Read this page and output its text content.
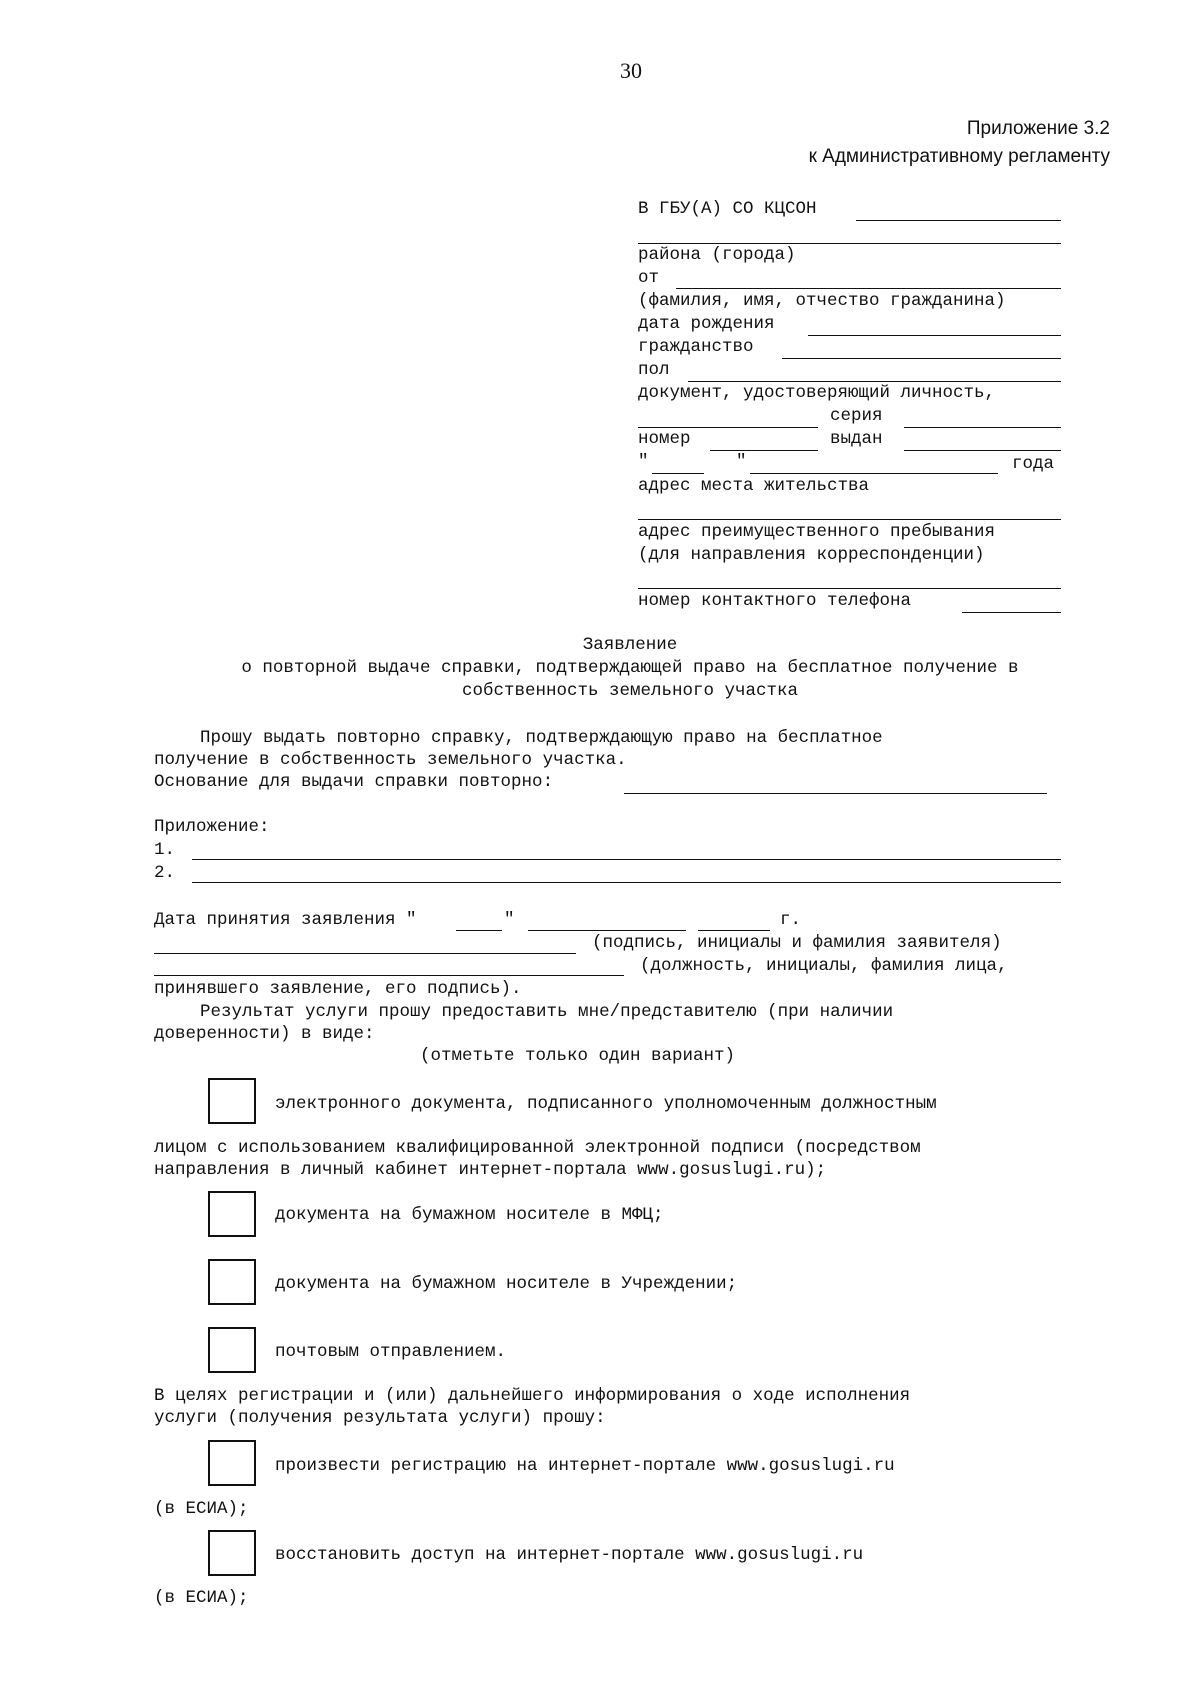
30
Приложение 3.2
к Административному регламенту
В ГБУ(А) СО КЦСОН
района (города)
от
(фамилия, имя, отчество гражданина)
дата рождения
гражданство
пол
документ, удостоверяющий личность,
серия
номер	выдан
"	"	года
адрес места жительства
адрес преимущественного пребывания
(для направления корреспонденции)
номер контактного телефона
Заявление
о повторной выдаче справки, подтверждающей право на бесплатное получение в
собственность земельного участка
Прошу выдать повторно справку, подтверждающую право на бесплатное
получение в собственность земельного участка.
Основание для выдачи справки повторно:
Приложение:
1.
2.
Дата принятия заявления "	"	г.
(подпись, инициалы и фамилия заявителя)
(должность, инициалы, фамилия лица,
принявшего заявление, его подпись).
Результат услуги прошу предоставить мне/представителю (при наличии
доверенности) в виде:
(отметьте только один вариант)
электронного документа, подписанного уполномоченным должностным
лицом с использованием квалифицированной электронной подписи (посредством
направления в личный кабинет интернет-портала www.gosuslugi.ru);
документа на бумажном носителе в МФЦ;
документа на бумажном носителе в Учреждении;
почтовым отправлением.
В целях регистрации и (или) дальнейшего информирования о ходе исполнения
услуги (получения результата услуги) прошу:
произвести регистрацию на интернет-портале www.gosuslugi.ru
(в ЕСИА);
восстановить доступ на интернет-портале www.gosuslugi.ru
(в ЕСИА);
